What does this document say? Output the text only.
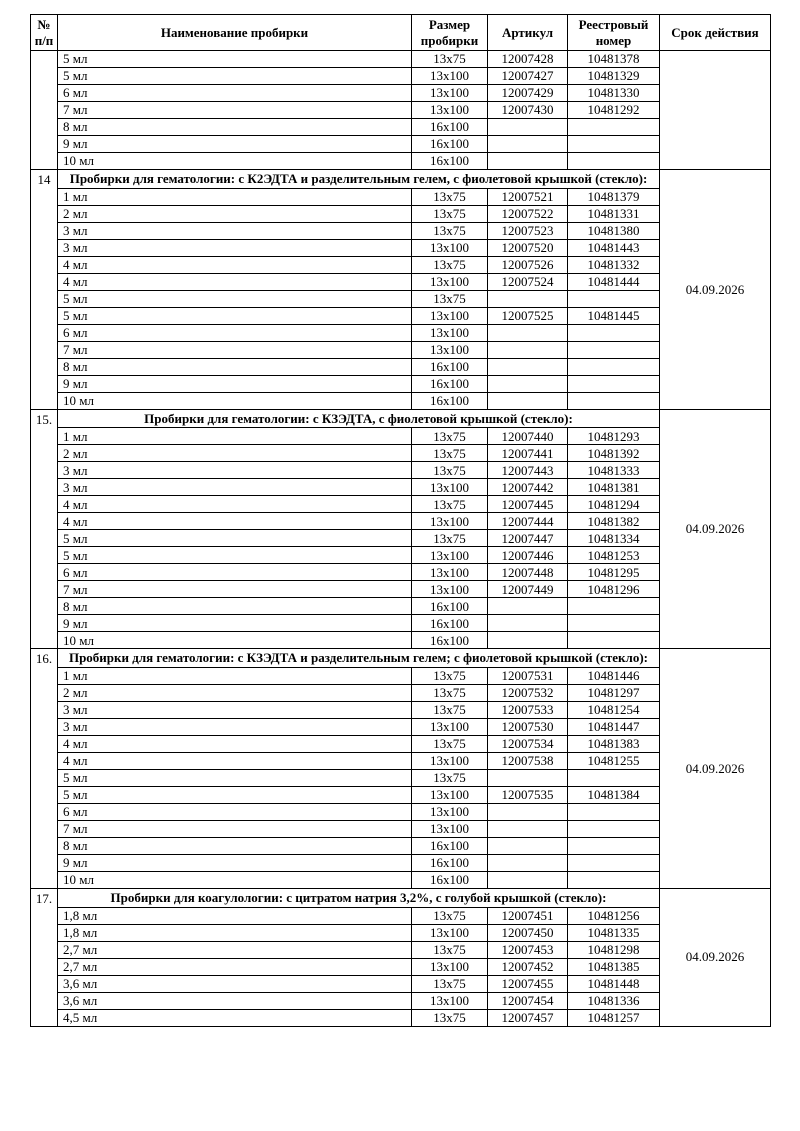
№ п/п	Наименование пробирки	Размер пробирки	Артикул	Реестровый номер	Срок действия
	5 мл	13x75	12007428	10481378	
	5 мл	13x100	12007427	10481329	
	6 мл	13x100	12007429	10481330	
	7 мл	13x100	12007430	10481292	
	8 мл	16x100			
	9 мл	16x100			
	10 мл	16x100			
14	Пробирки для гематологии: с К2ЭДТА и разделительным гелем, с фиолетовой крышкой (стекло):				04.09.2026
	1 мл	13x75	12007521	10481379	
	2 мл	13x75	12007522	10481331	
	3 мл	13x75	12007523	10481380	
	3 мл	13x100	12007520	10481443	
	4 мл	13x75	12007526	10481332	
	4 мл	13x100	12007524	10481444	
	5 мл	13x75			
	5 мл	13x100	12007525	10481445	
	6 мл	13x100			
	7 мл	13x100			
	8 мл	16x100			
	9 мл	16x100			
	10 мл	16x100			
15.	Пробирки для гематологии: с КЗЭДТА, с фиолетовой крышкой (стекло):				04.09.2026
	1 мл	13x75	12007440	10481293	
	2 мл	13x75	12007441	10481392	
	3 мл	13x75	12007443	10481333	
	3 мл	13x100	12007442	10481381	
	4 мл	13x75	12007445	10481294	
	4 мл	13x100	12007444	10481382	
	5 мл	13x75	12007447	10481334	
	5 мл	13x100	12007446	10481253	
	6 мл	13x100	12007448	10481295	
	7 мл	13x100	12007449	10481296	
	8 мл	16x100			
	9 мл	16x100			
	10 мл	16x100			
16.	Пробирки для гематологии: с КЗЭДТА и разделительным гелем; с фиолетовой крышкой (стекло):				04.09.2026
	1 мл	13x75	12007531	10481446	
	2 мл	13x75	12007532	10481297	
	3 мл	13x75	12007533	10481254	
	3 мл	13x100	12007530	10481447	
	4 мл	13x75	12007534	10481383	
	4 мл	13x100	12007538	10481255	
	5 мл	13x75			
	5 мл	13x100	12007535	10481384	
	6 мл	13x100			
	7 мл	13x100			
	8 мл	16x100			
	9 мл	16x100			
	10 мл	16x100			
17.	Пробирки для коагулологии: с цитратом натрия 3,2%, с голубой крышкой (стекло):				04.09.2026
	1,8 мл	13x75	12007451	10481256	
	1,8 мл	13x100	12007450	10481335	
	2,7 мл	13x75	12007453	10481298	
	2,7 мл	13x100	12007452	10481385	
	3,6 мл	13x75	12007455	10481448	
	3,6 мл	13x100	12007454	10481336	
	4,5 мл	13x75	12007457	10481257	
